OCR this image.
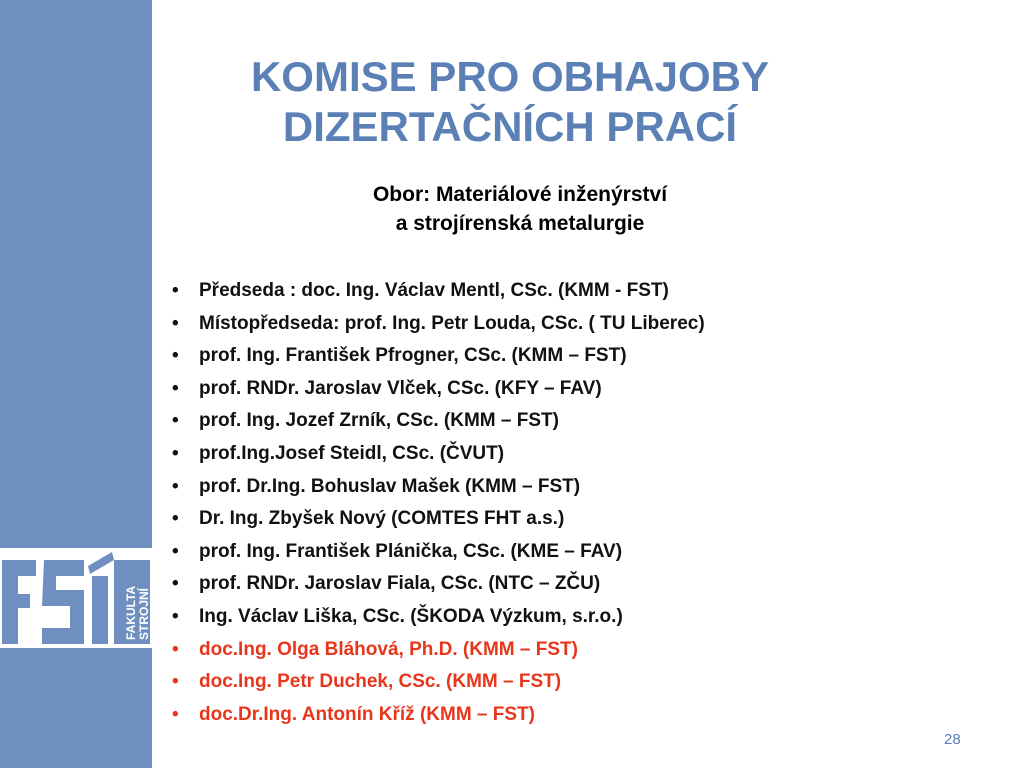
FAKULTA STROJNÍ
KOMISE PRO OBHAJOBY
DIZERTAČNÍCH PRACÍ
Obor: Materiálové inženýrství
a strojírenská metalurgie
• Předseda : doc. Ing. Václav Mentl, CSc. (KMM - FST)
• Místopředseda: prof. Ing. Petr Louda, CSc. ( TU Liberec)
• prof. Ing. František Pfrogner, CSc. (KMM – FST)
• prof. RNDr. Jaroslav Vlček, CSc. (KFY – FAV)
• prof. Ing. Jozef Zrník, CSc. (KMM – FST)
• prof.Ing.Josef Steidl, CSc. (ČVUT)
• prof. Dr.Ing. Bohuslav Mašek (KMM – FST)
• Dr. Ing. Zbyšek Nový (COMTES FHT a.s.)
• prof. Ing. František Plánička, CSc. (KME – FAV)
• prof. RNDr. Jaroslav Fiala, CSc. (NTC – ZČU)
• Ing. Václav Liška, CSc. (ŠKODA Výzkum, s.r.o.)
• doc.Ing. Olga Bláhová, Ph.D. (KMM – FST)
• doc.Ing. Petr Duchek, CSc. (KMM – FST)
• doc.Dr.Ing. Antonín Kříž (KMM – FST)
28
